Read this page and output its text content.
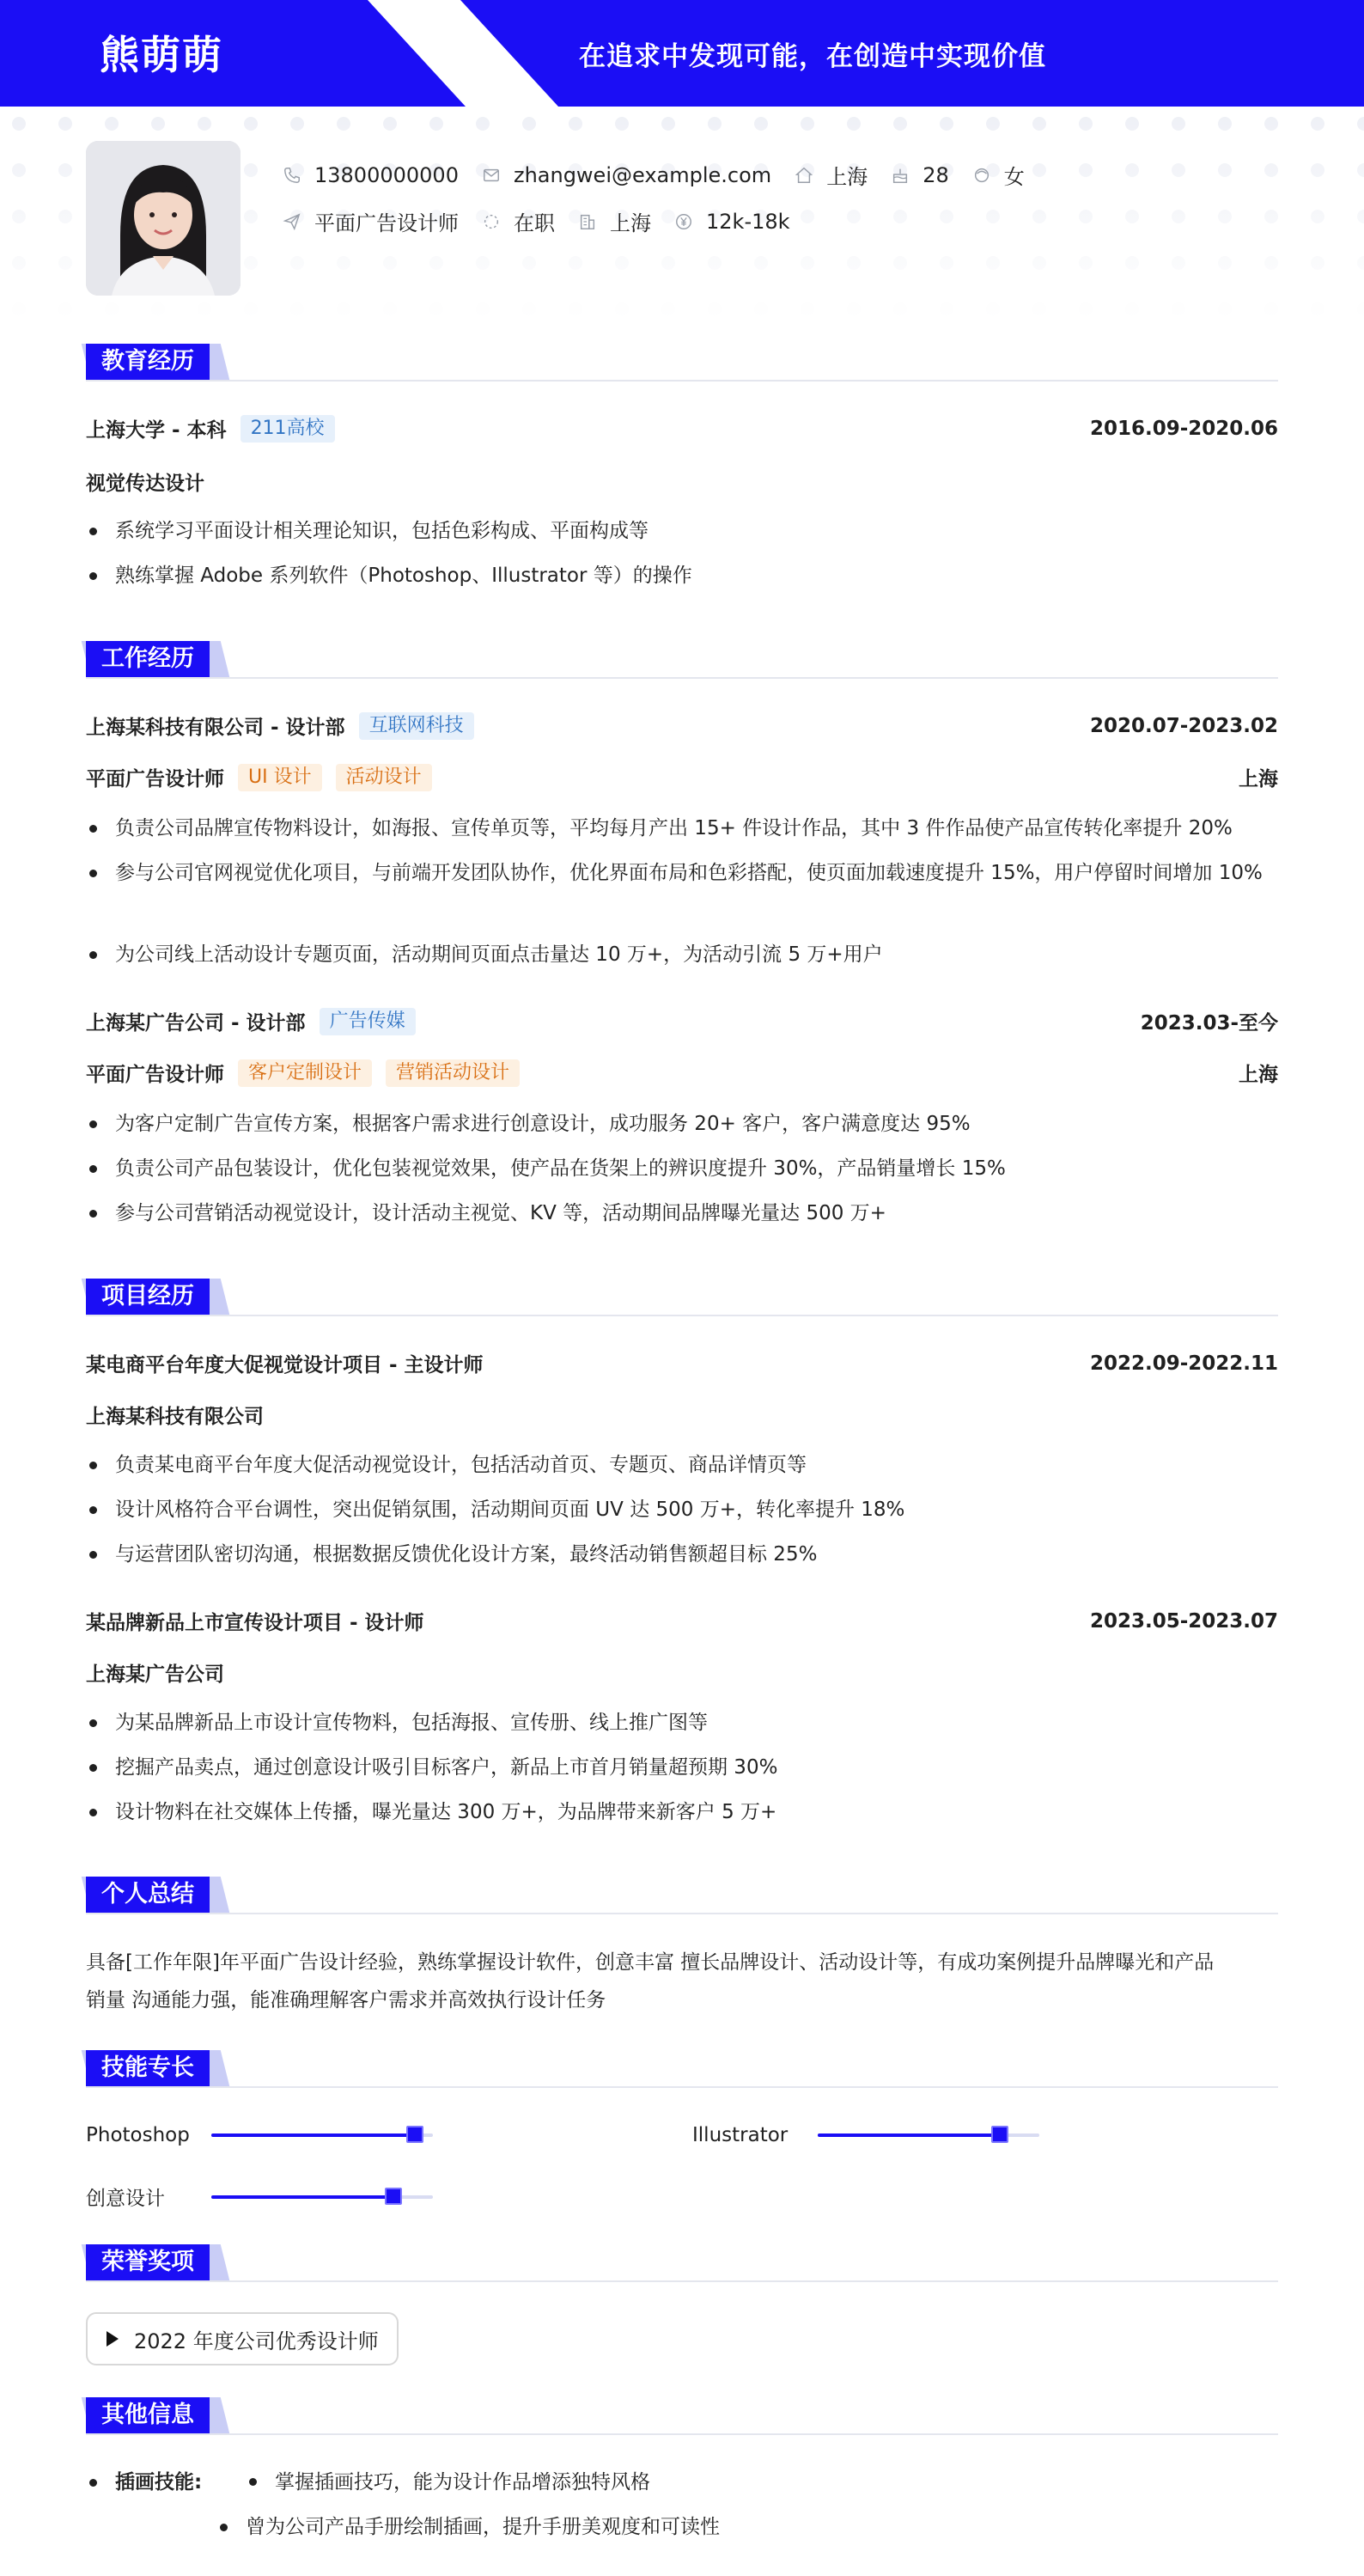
熊萌萌	在追求中发现可能，在创造中实现价值
13800000000	zhangwei@example.com	上海	28	女
平面广告设计师	在职	上海	12k-18k
教育经历
上海大学 - 本科	211高校	2016.09-2020.06
视觉传达设计
系统学习平面设计相关理论知识，包括色彩构成、平面构成等
熟练掌握 Adobe 系列软件（Photoshop、Illustrator 等）的操作
工作经历
上海某科技有限公司 - 设计部	互联网科技	2020.07-2023.02
平面广告设计师	UI 设计	活动设计	上海
负责公司品牌宣传物料设计，如海报、宣传单页等，平均每月产出 15+ 件设计作品，其中 3 件作品使产品宣传转化率提升 20%
参与公司官网视觉优化项目，与前端开发团队协作，优化界面布局和色彩搭配，使页面加载速度提升 15%，用户停留时间增加 10%
为公司线上活动设计专题页面，活动期间页面点击量达 10 万+，为活动引流 5 万+用户
上海某广告公司 - 设计部	广告传媒	2023.03-至今
平面广告设计师	客户定制设计	营销活动设计	上海
为客户定制广告宣传方案，根据客户需求进行创意设计，成功服务 20+ 客户，客户满意度达 95%
负责公司产品包装设计，优化包装视觉效果，使产品在货架上的辨识度提升 30%，产品销量增长 15%
参与公司营销活动视觉设计，设计活动主视觉、KV 等，活动期间品牌曝光量达 500 万+
项目经历
某电商平台年度大促视觉设计项目 - 主设计师	2022.09-2022.11
上海某科技有限公司
负责某电商平台年度大促活动视觉设计，包括活动首页、专题页、商品详情页等
设计风格符合平台调性，突出促销氛围，活动期间页面 UV 达 500 万+，转化率提升 18%
与运营团队密切沟通，根据数据反馈优化设计方案，最终活动销售额超目标 25%
某品牌新品上市宣传设计项目 - 设计师	2023.05-2023.07
上海某广告公司
为某品牌新品上市设计宣传物料，包括海报、宣传册、线上推广图等
挖掘产品卖点，通过创意设计吸引目标客户，新品上市首月销量超预期 30%
设计物料在社交媒体上传播，曝光量达 300 万+，为品牌带来新客户 5 万+
个人总结
具备[工作年限]年平面广告设计经验，熟练掌握设计软件，创意丰富 擅长品牌设计、活动设计等，有成功案例提升品牌曝光和产品
销量 沟通能力强，能准确理解客户需求并高效执行设计任务
技能专长
Photoshop	Illustrator
创意设计
荣誉奖项
2022 年度公司优秀设计师
其他信息
插画技能:	掌握插画技巧，能为设计作品增添独特风格
曾为公司产品手册绘制插画，提升手册美观度和可读性
